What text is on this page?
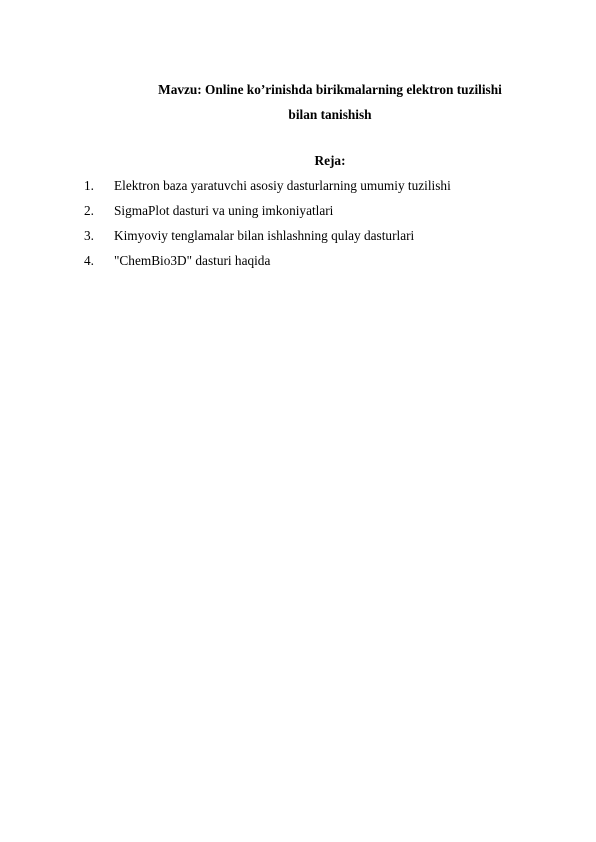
Mavzu: Online ko’rinishda birikmalarning elektron tuzilishi
bilan tanishish
Reja:
1.	Elektron baza yaratuvchi asosiy dasturlarning umumiy tuzilishi
2.	SigmaPlot dasturi va uning imkoniyatlari
3.	Kimyoviy tenglamalar bilan ishlashning qulay dasturlari
4.	"ChemBio3D" dasturi haqida
